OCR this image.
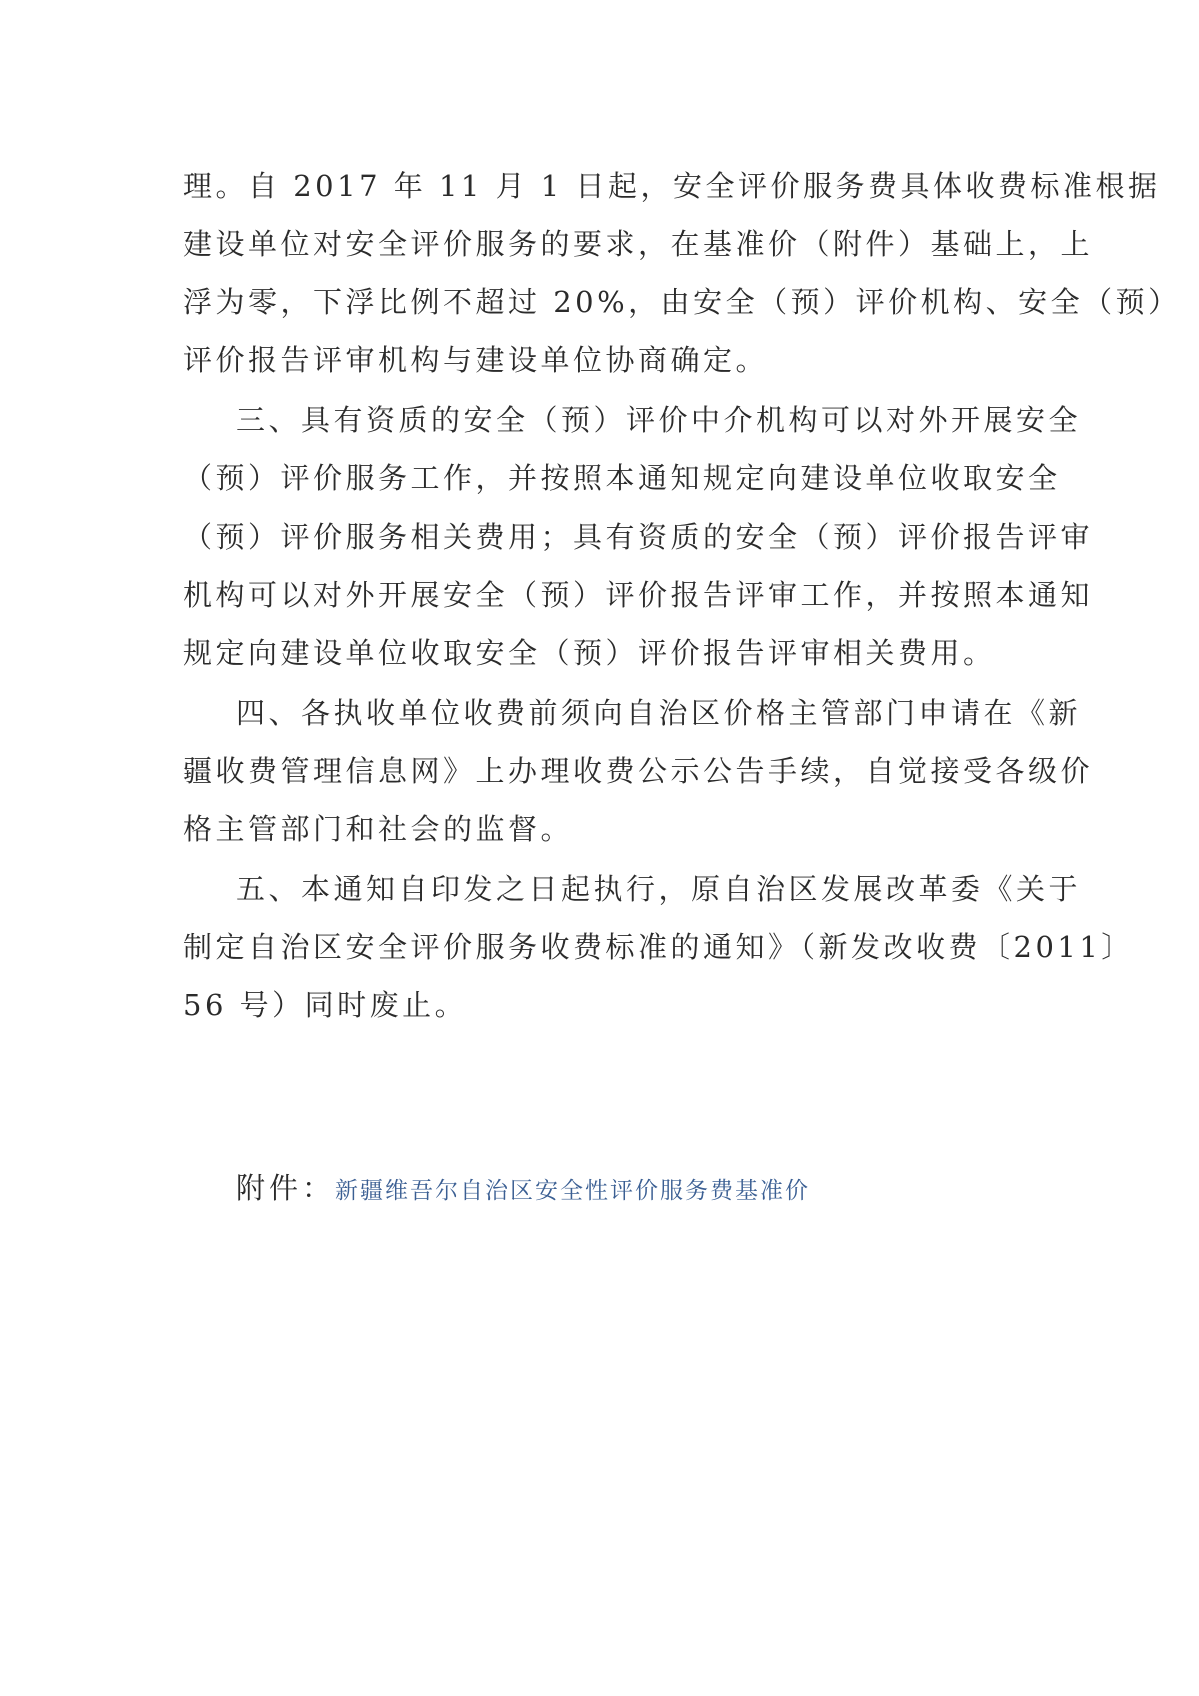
理。自 2017 年 11 月 1 日起，安全评价服务费具体收费标准根据
建设单位对安全评价服务的要求，在基准价（附件）基础上，上
浮为零，下浮比例不超过 20%，由安全（预）评价机构、安全（预）
评价报告评审机构与建设单位协商确定。
三、具有资质的安全（预）评价中介机构可以对外开展安全
（预）评价服务工作，并按照本通知规定向建设单位收取安全
（预）评价服务相关费用；具有资质的安全（预）评价报告评审
机构可以对外开展安全（预）评价报告评审工作，并按照本通知
规定向建设单位收取安全（预）评价报告评审相关费用。
四、各执收单位收费前须向自治区价格主管部门申请在《新
疆收费管理信息网》上办理收费公示公告手续，自觉接受各级价
格主管部门和社会的监督。
五、本通知自印发之日起执行，原自治区发展改革委《关于
制定自治区安全评价服务收费标准的通知》（新发改收费〔2011〕
56 号）同时废止。
附件：新疆维吾尔自治区安全性评价服务费基准价
